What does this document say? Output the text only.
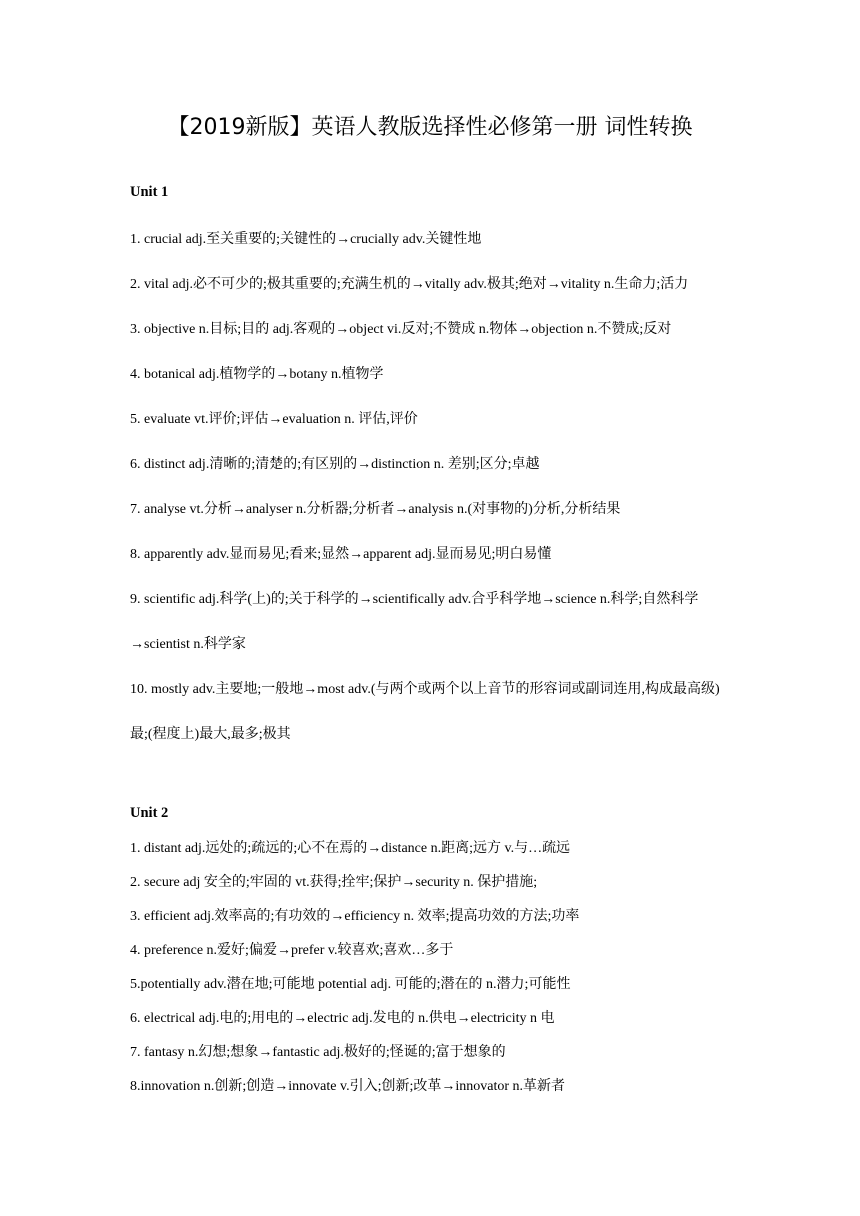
【2019新版】英语人教版选择性必修第一册 词性转换
Unit 1
1. crucial adj.至关重要的;关键性的→crucially adv.关键性地
2. vital adj.必不可少的;极其重要的;充满生机的→vitally adv.极其;绝对→vitality n.生命力;活力
3. objective n.目标;目的 adj.客观的→object vi.反对;不赞成 n.物体→objection n.不赞成;反对
4. botanical adj.植物学的→botany n.植物学
5. evaluate vt.评价;评估→evaluation n. 评估,评价
6. distinct adj.清晰的;清楚的;有区别的→distinction n. 差别;区分;卓越
7. analyse vt.分析→analyser n.分析器;分析者→analysis n.(对事物的)分析,分析结果
8. apparently adv.显而易见;看来;显然→apparent adj.显而易见;明白易懂
9. scientific adj.科学(上)的;关于科学的→scientifically adv.合乎科学地→science n.科学;自然科学→scientist n.科学家
10. mostly adv.主要地;一般地→most adv.(与两个或两个以上音节的形容词或副词连用,构成最高级)最;(程度上)最大,最多;极其
Unit 2
1. distant adj.远处的;疏远的;心不在焉的→distance n.距离;远方 v.与…疏远
2. secure adj 安全的;牢固的 vt.获得;拴牢;保护→security n. 保护措施;
3. efficient adj.效率高的;有功效的→efficiency n. 效率;提高功效的方法;功率
4. preference n.爱好;偏爱→prefer v.较喜欢;喜欢…多于
5.potentially adv.潜在地;可能地 potential adj. 可能的;潜在的 n.潜力;可能性
6. electrical adj.电的;用电的→electric adj.发电的 n.供电→electricity n 电
7. fantasy n.幻想;想象→fantastic adj.极好的;怪诞的;富于想象的
8.innovation n.创新;创造→innovate v.引入;创新;改革→innovator n.革新者
